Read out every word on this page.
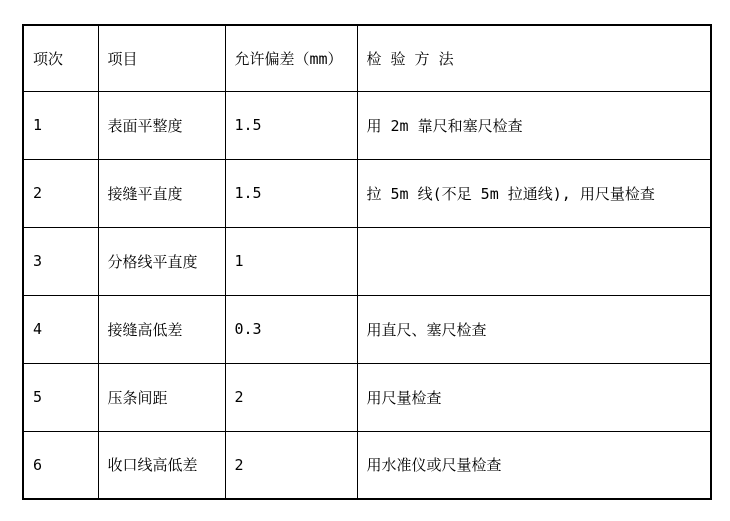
项次	项目	允许偏差（mm）	检 验 方 法
1	表面平整度	1.5	用 2m 靠尺和塞尺检查
2	接缝平直度	1.5	拉 5m 线(不足 5m 拉通线), 用尺量检查
3	分格线平直度	1	
4	接缝高低差	0.3	用直尺、塞尺检查
5	压条间距	2	用尺量检查
6	收口线高低差	2	用水准仪或尺量检查
